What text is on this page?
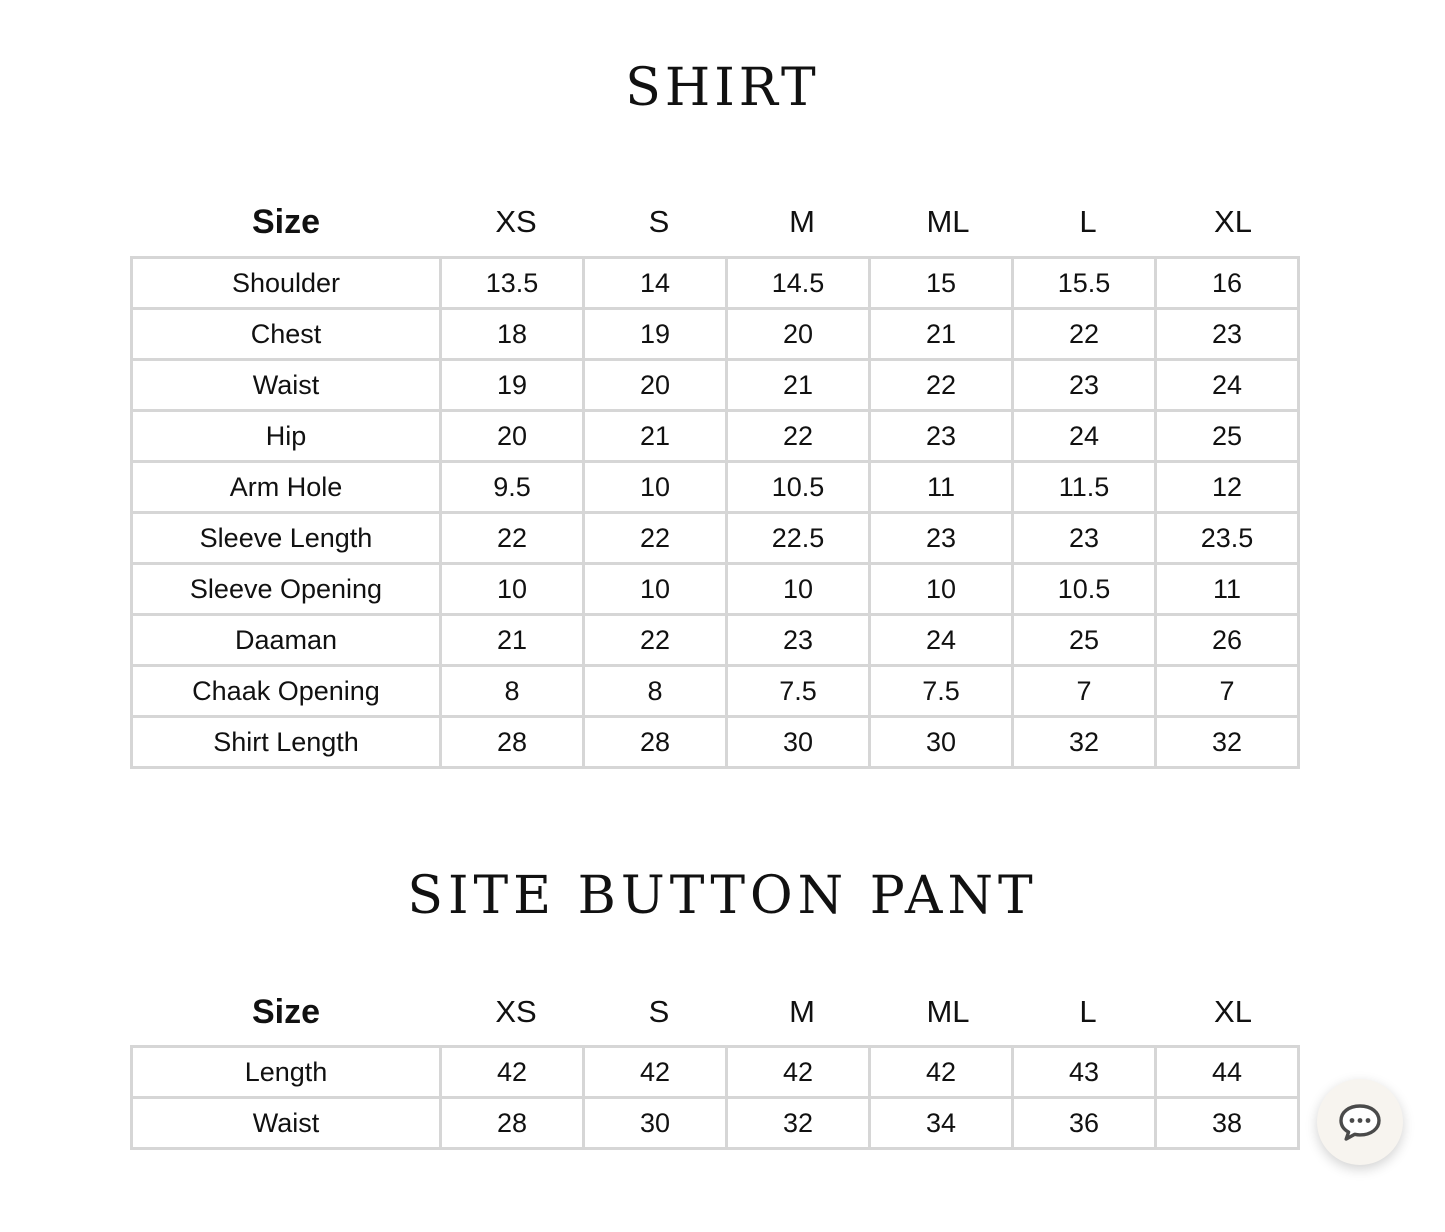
SHIRT
Size	XS	S	M	ML	L	XL
Shoulder	13.5	14	14.5	15	15.5	16
Chest	18	19	20	21	22	23
Waist	19	20	21	22	23	24
Hip	20	21	22	23	24	25
Arm Hole	9.5	10	10.5	11	11.5	12
Sleeve Length	22	22	22.5	23	23	23.5
Sleeve Opening	10	10	10	10	10.5	11
Daaman	21	22	23	24	25	26
Chaak Opening	8	8	7.5	7.5	7	7
Shirt Length	28	28	30	30	32	32
SITE BUTTON PANT
Size	XS	S	M	ML	L	XL
Length	42	42	42	42	43	44
Waist	28	30	32	34	36	38
